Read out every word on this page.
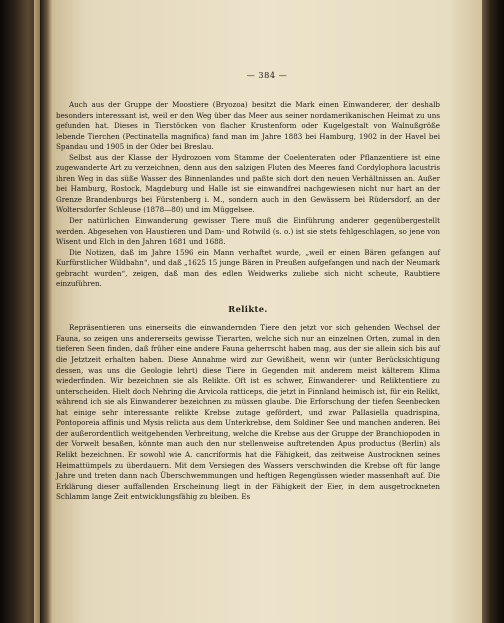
— 384 —

Auch aus der Gruppe der Moostiere (Bryozoa) besitzt die Mark einen Einwanderer, der deshalb besonders interessant ist, weil er den Weg über das Meer aus seiner nordamerikanischen Heimat zu uns gefunden hat. Dieses in Tierstöcken von flacher Krustenform oder Kugelgestalt von Walnußgröße lebende Tierchen (Pectinatella magnifica) fand man im Jahre 1883 bei Hamburg, 1902 in der Havel bei Spandau und 1905 in der Oder bei Breslau.

Selbst aus der Klasse der Hydrozoen vom Stamme der Coelenteraten oder Pflanzentiere ist eine zugewanderte Art zu verzeichnen, denn aus den salzigen Fluten des Meeres fand Cordylophora lacustris ihren Weg in das süße Wasser des Binnenlandes und paßte sich dort den neuen Verhältnissen an. Außer bei Hamburg, Rostock, Magdeburg und Halle ist sie einwandfrei nachgewiesen nicht nur hart an der Grenze Brandenburgs bei Fürstenberg i. M., sondern auch in den Gewässern bei Rüdersdorf, an der Woltersdorfer Schleuse (1878—80) und im Müggelsee.

Der natürlichen Einwanderung gewisser Tiere muß die Einführung anderer gegenübergestellt werden. Abgesehen von Haustieren und Dam- und Rotwild (s. o.) ist sie stets fehlgeschlagen, so jene von Wisent und Elch in den Jahren 1681 und 1688.

Die Notizen, daß im Jahre 1596 ein Mann verhaftet wurde, „weil er einen Bären gefangen auf Kurfürstlicher Wildbahn“, und daß „1625 15 junge Bären in Preußen aufgefangen und nach der Neumark gebracht wurden“, zeigen, daß man des edlen Weidwerks zuliebe sich nicht scheute, Raubtiere einzuführen.

Relikte.

Repräsentieren uns einerseits die einwandernden Tiere den jetzt vor sich gehenden Wechsel der Fauna, so zeigen uns andererseits gewisse Tierarten, welche sich nur an einzelnen Orten, zumal in den tieferen Seen finden, daß früher eine andere Fauna geherrscht haben mag, aus der sie allein sich bis auf die Jetztzeit erhalten haben. Diese Annahme wird zur Gewißheit, wenn wir (unter Berücksichtigung dessen, was uns die Geologie lehrt) diese Tiere in Gegenden mit anderem meist kälterem Klima wiederfinden. Wir bezeichnen sie als Relikte. Oft ist es schwer, Einwanderer- und Reliktentiere zu unterscheiden. Hielt doch Nehring die Arvicola ratticeps, die jetzt in Finnland heimisch ist, für ein Relikt, während ich sie als Einwanderer bezeichnen zu müssen glaube. Die Erforschung der tiefen Seenbecken hat einige sehr interessante relikte Krebse zutage gefördert, und zwar Pallasiella quadrispina, Pontoporeia affinis und Mysis relicta aus dem Unterkrebse, dem Soldiner See und manchen anderen. Bei der außerordentlich weitgehenden Verbreitung, welche die Krebse aus der Gruppe der Branchiopoden in der Vorwelt besaßen, könnte man auch den nur stellenweise auftretenden Apus productus (Berlin) als Relikt bezeichnen. Er sowohl wie A. cancriformis hat die Fähigkeit, das zeitweise Austrocknen seines Heimattümpels zu überdauern. Mit dem Versiegen des Wassers verschwinden die Krebse oft für lange Jahre und treten dann nach Überschwemmungen und heftigen Regengüssen wieder massenhaft auf. Die Erklärung dieser auffallenden Erscheinung liegt in der Fähigkeit der Eier, in dem ausgetrockneten Schlamm lange Zeit entwicklungsfähig zu bleiben. Es
